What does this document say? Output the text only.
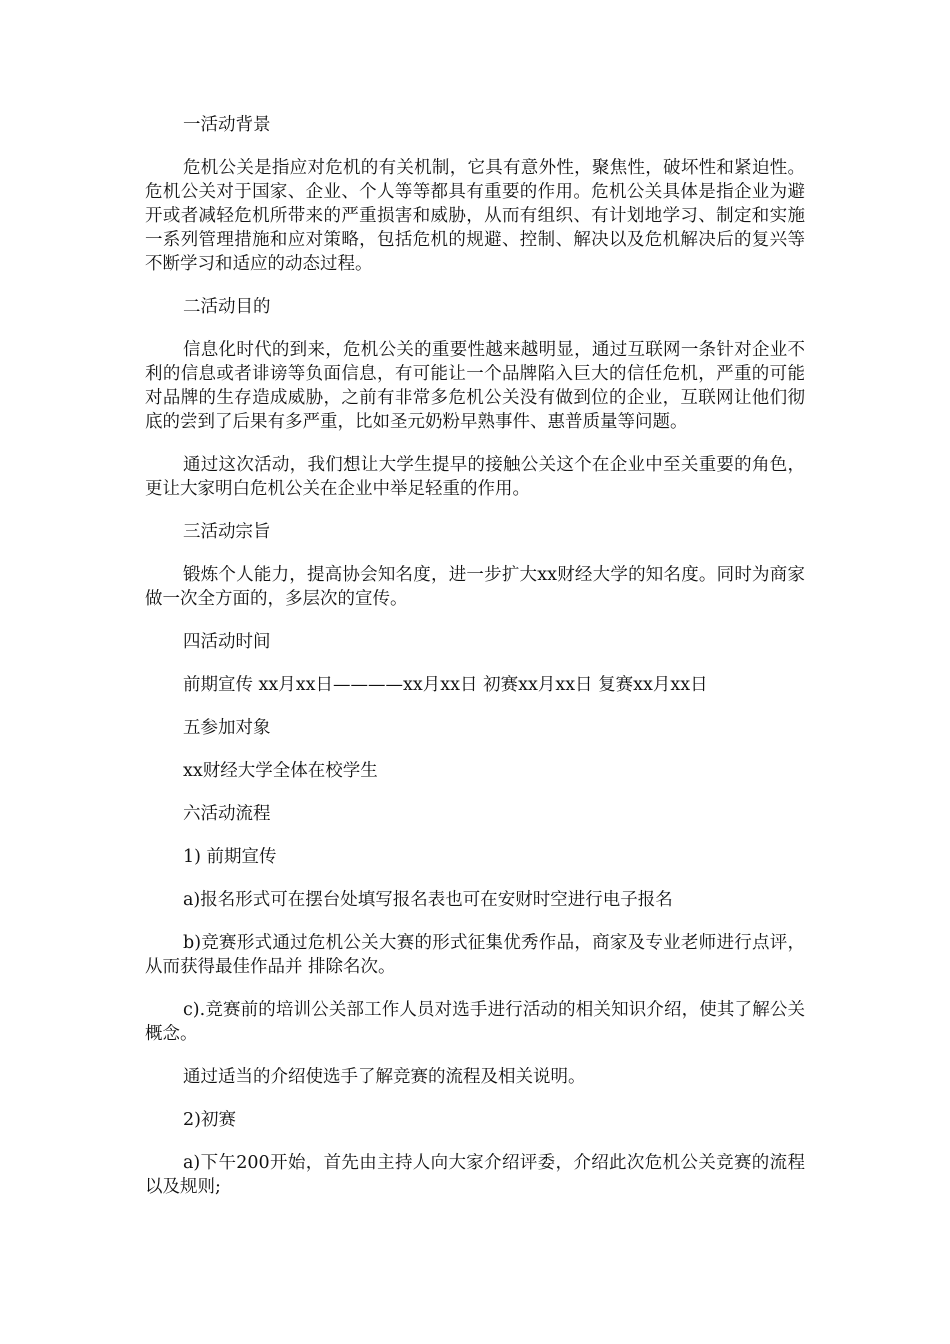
一活动背景

危机公关是指应对危机的有关机制，它具有意外性，聚焦性，破坏性和紧迫性。危机公关对于国家、企业、个人等等都具有重要的作用。危机公关具体是指企业为避开或者减轻危机所带来的严重损害和威胁，从而有组织、有计划地学习、制定和实施一系列管理措施和应对策略，包括危机的规避、控制、解决以及危机解决后的复兴等不断学习和适应的动态过程。

二活动目的

信息化时代的到来，危机公关的重要性越来越明显，通过互联网一条针对企业不利的信息或者诽谤等负面信息，有可能让一个品牌陷入巨大的信任危机，严重的可能对品牌的生存造成威胁，之前有非常多危机公关没有做到位的企业，互联网让他们彻底的尝到了后果有多严重，比如圣元奶粉早熟事件、惠普质量等问题。

通过这次活动，我们想让大学生提早的接触公关这个在企业中至关重要的角色，更让大家明白危机公关在企业中举足轻重的作用。

三活动宗旨

锻炼个人能力，提高协会知名度，进一步扩大xx财经大学的知名度。同时为商家做一次全方面的，多层次的宣传。

四活动时间

前期宣传 xx月xx日————xx月xx日 初赛xx月xx日 复赛xx月xx日

五参加对象

xx财经大学全体在校学生

六活动流程

1) 前期宣传

a)报名形式可在摆台处填写报名表也可在安财时空进行电子报名

b)竞赛形式通过危机公关大赛的形式征集优秀作品，商家及专业老师进行点评，从而获得最佳作品并 排除名次。

c).竞赛前的培训公关部工作人员对选手进行活动的相关知识介绍，使其了解公关概念。

通过适当的介绍使选手了解竞赛的流程及相关说明。

2)初赛

a)下午200开始，首先由主持人向大家介绍评委，介绍此次危机公关竞赛的流程以及规则;
